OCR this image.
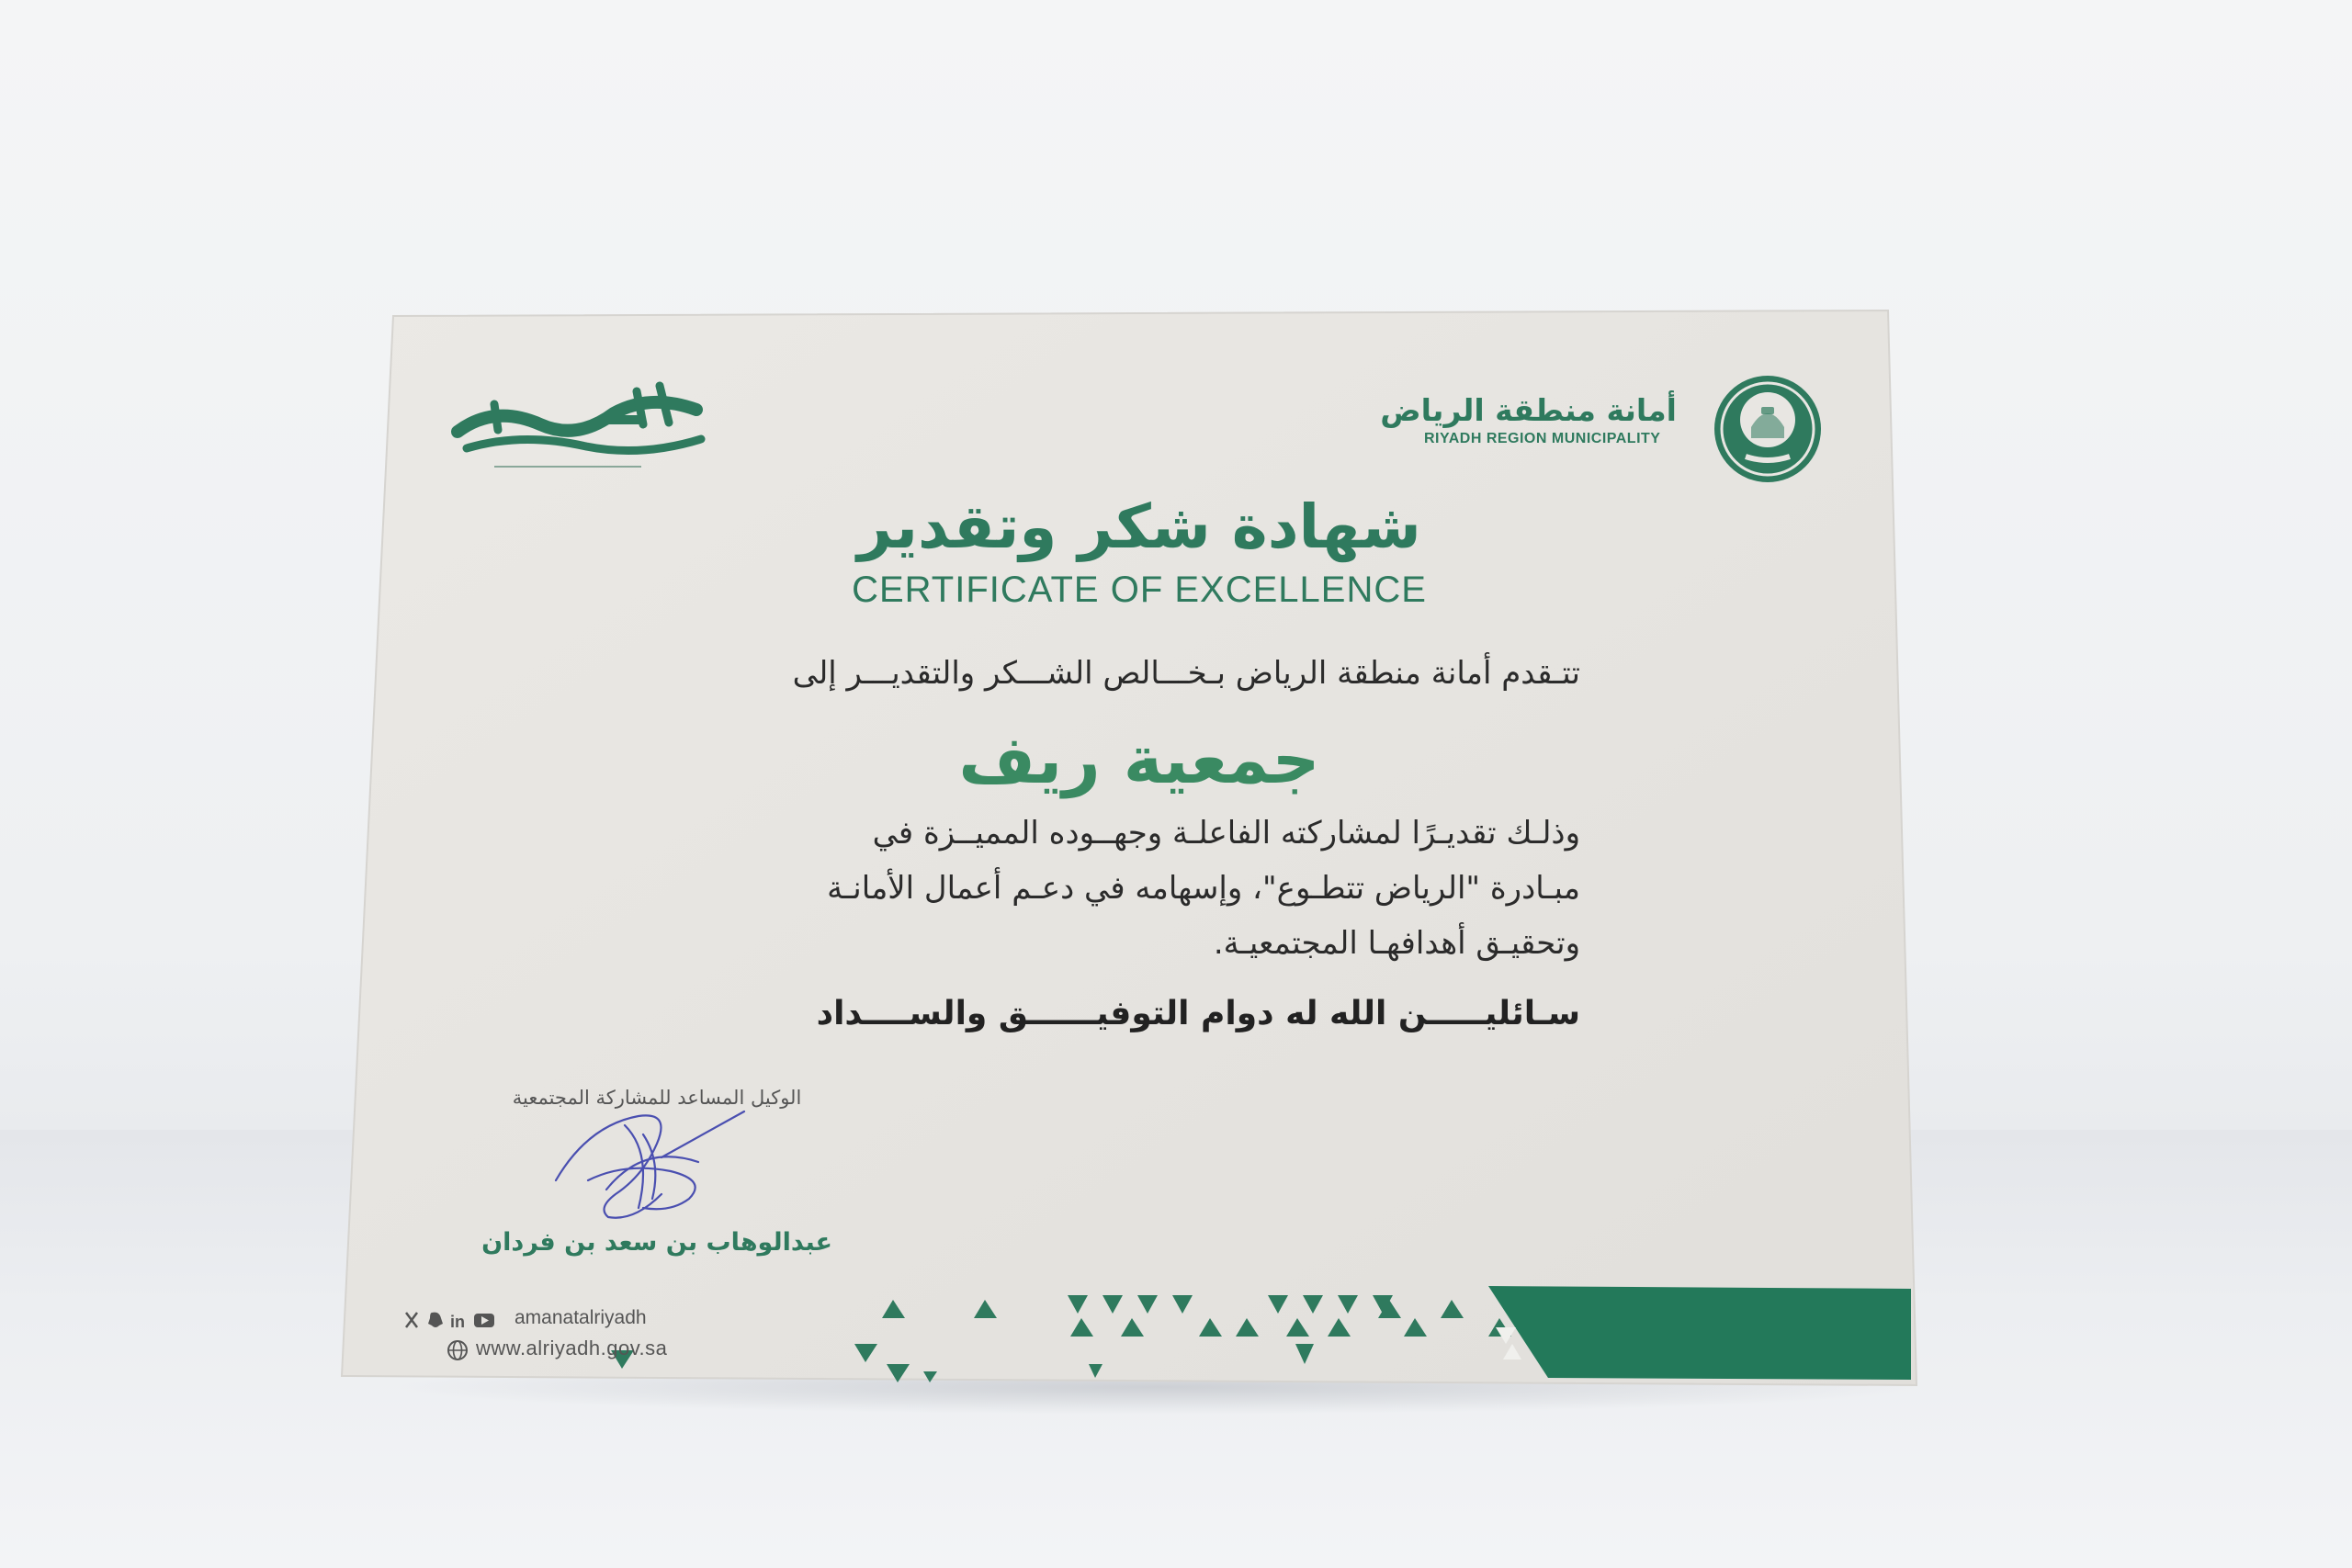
in
أمانة منطقة الرياض
RIYADH REGION MUNICIPALITY
شهادة شكر وتقدير
CERTIFICATE OF EXCELLENCE
تتـقدم أمانة منطقة الرياض بـخـــالص الشـــكر والتقديـــر إلى
جمعية ريف
وذلـك تقديـرًا لمشاركته الفاعلـة وجهــوده المميــزة في
مبـادرة "الرياض تتطـوع"، وإسهامه في دعـم أعمال الأمانـة
وتحقيـق أهدافهـا المجتمعيـة.
سـائليـــــن الله له دوام التوفيــــــق والســــداد
الوكيل المساعد للمشاركة المجتمعية
عبدالوهاب بن سعد بن فردان
amanatalriyadh
www.alriyadh.gov.sa
